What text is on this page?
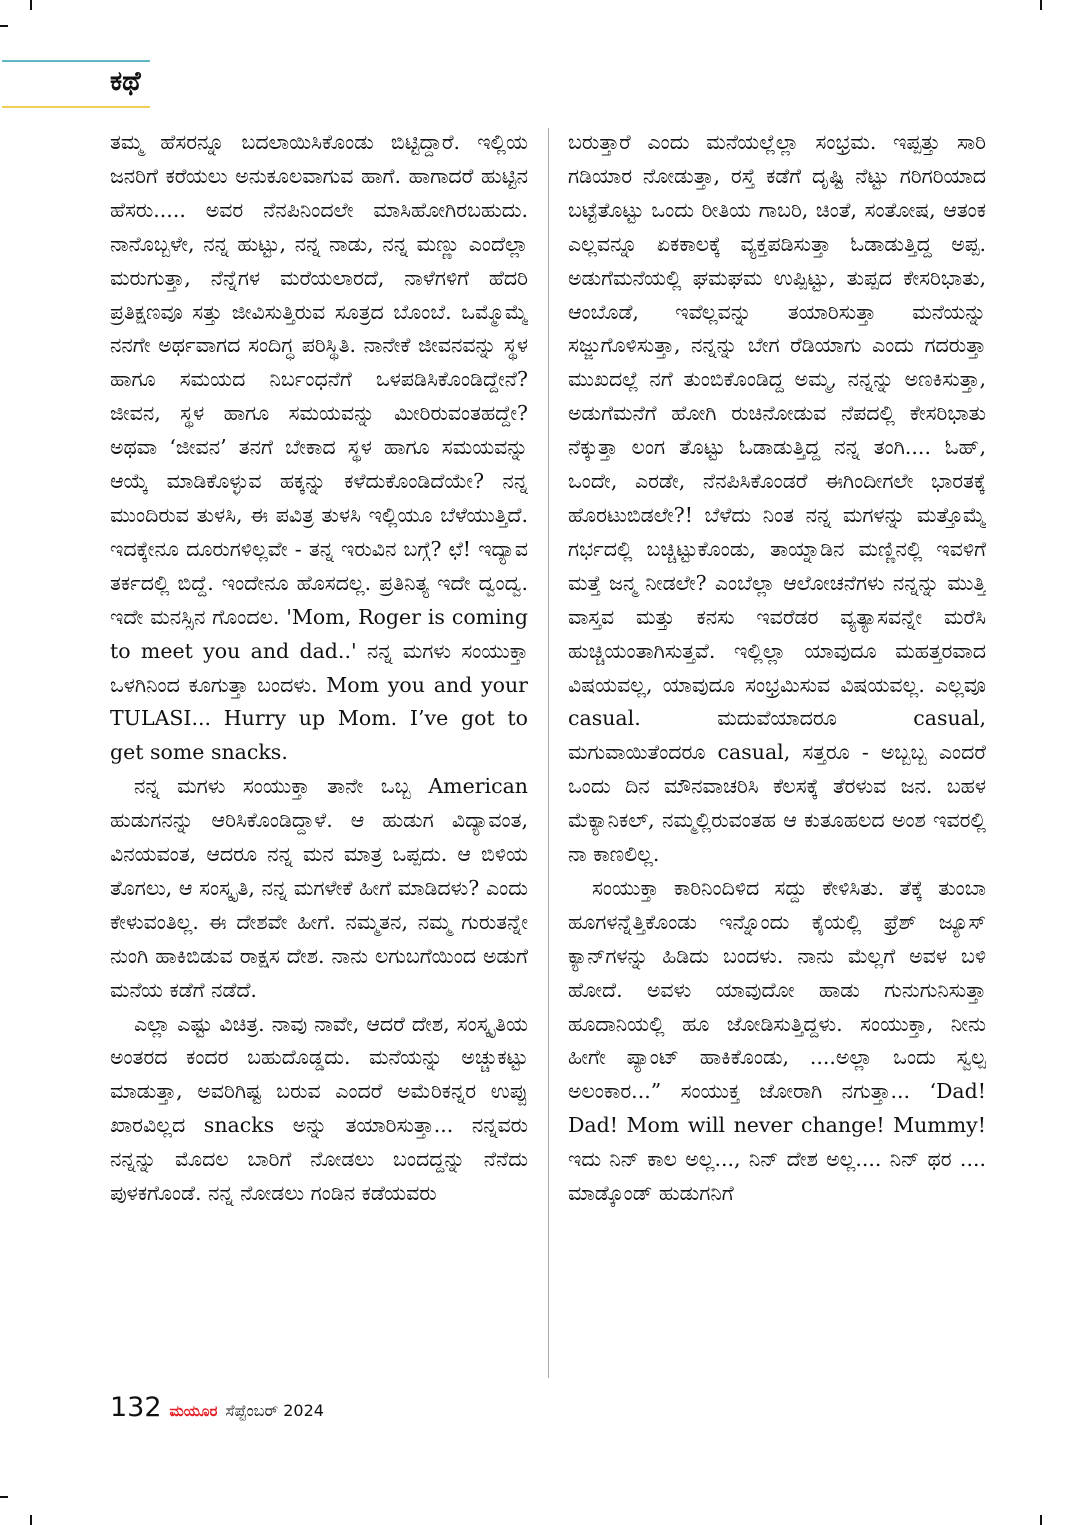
ಕಥೆ

ತಮ್ಮ ಹೆಸರನ್ನೂ ಬದಲಾಯಿಸಿಕೊಂಡು ಬಿಟ್ಟಿದ್ದಾರೆ. ಇಲ್ಲಿಯ ಜನರಿಗೆ ಕರೆಯಲು ಅನುಕೂಲವಾಗುವ ಹಾಗೆ. ಹಾಗಾದರೆ ಹುಟ್ಟಿನ ಹೆಸರು..... ಅವರ ನೆನಪಿನಿಂದಲೇ ಮಾಸಿಹೋಗಿರಬಹುದು. ನಾನೊಬ್ಬಳೇ, ನನ್ನ ಹುಟ್ಟು, ನನ್ನ ನಾಡು, ನನ್ನ ಮಣ್ಣು ಎಂದೆಲ್ಲಾ ಮರುಗುತ್ತಾ, ನೆನ್ನೆಗಳ ಮರೆಯಲಾರದೆ, ನಾಳೆಗಳಿಗೆ ಹೆದರಿ ಪ್ರತಿಕ್ಷಣವೂ ಸತ್ತು ಜೀವಿಸುತ್ತಿರುವ ಸೂತ್ರದ ಬೊಂಬೆ. ಒಮ್ಮೊಮ್ಮೆ ನನಗೇ ಅರ್ಥವಾಗದ ಸಂದಿಗ್ಧ ಪರಿಸ್ಥಿತಿ. ನಾನೇಕೆ ಜೀವನವನ್ನು ಸ್ಥಳ ಹಾಗೂ ಸಮಯದ ನಿರ್ಬಂಧನೆಗೆ ಒಳಪಡಿಸಿಕೊಂಡಿದ್ದೇನೆ? ಜೀವನ, ಸ್ಥಳ ಹಾಗೂ ಸಮಯವನ್ನು ಮೀರಿರುವಂತಹದ್ದೇ? ಅಥವಾ ‘ಜೀವನ’ ತನಗೆ ಬೇಕಾದ ಸ್ಥಳ ಹಾಗೂ ಸಮಯವನ್ನು ಆಯ್ಕೆ ಮಾಡಿಕೊಳ್ಳುವ ಹಕ್ಕನ್ನು ಕಳೆದುಕೊಂಡಿದೆಯೇ? ನನ್ನ ಮುಂದಿರುವ ತುಳಸಿ, ಈ ಪವಿತ್ರ ತುಳಸಿ ಇಲ್ಲಿಯೂ ಬೆಳೆಯುತ್ತಿದೆ. ಇದಕ್ಕೇನೂ ದೂರುಗಳಿಲ್ಲವೇ - ತನ್ನ ಇರುವಿನ ಬಗ್ಗೆ? ಛೆ! ಇದ್ಯಾವ ತರ್ಕದಲ್ಲಿ ಬಿದ್ದೆ. ಇಂದೇನೂ ಹೊಸದಲ್ಲ. ಪ್ರತಿನಿತ್ಯ ಇದೇ ದ್ವಂದ್ವ. ಇದೇ ಮನಸ್ಸಿನ ಗೊಂದಲ. 'Mom, Roger is coming to meet you and dad..' ನನ್ನ ಮಗಳು ಸಂಯುಕ್ತಾ ಒಳಗಿನಿಂದ ಕೂಗುತ್ತಾ ಬಂದಳು. Mom you and your TULASI... Hurry up Mom. I’ve got to get some snacks.

ನನ್ನ ಮಗಳು ಸಂಯುಕ್ತಾ ತಾನೇ ಒಬ್ಬ American ಹುಡುಗನನ್ನು ಆರಿಸಿಕೊಂಡಿದ್ದಾಳೆ. ಆ ಹುಡುಗ ವಿದ್ಯಾವಂತ, ವಿನಯವಂತ, ಆದರೂ ನನ್ನ ಮನ ಮಾತ್ರ ಒಪ್ಪದು. ಆ ಬಿಳಿಯ ತೊಗಲು, ಆ ಸಂಸ್ಕೃತಿ, ನನ್ನ ಮಗಳೇಕೆ ಹೀಗೆ ಮಾಡಿದಳು? ಎಂದು ಕೇಳುವಂತಿಲ್ಲ. ಈ ದೇಶವೇ ಹೀಗೆ. ನಮ್ಮತನ, ನಮ್ಮ ಗುರುತನ್ನೇ ನುಂಗಿ ಹಾಕಿಬಿಡುವ ರಾಕ್ಷಸ ದೇಶ. ನಾನು ಲಗುಬಗೆಯಿಂದ ಅಡುಗೆ ಮನೆಯ ಕಡೆಗೆ ನಡೆದೆ.

ಎಲ್ಲಾ ಎಷ್ಟು ವಿಚಿತ್ರ. ನಾವು ನಾವೇ, ಆದರೆ ದೇಶ, ಸಂಸ್ಕೃತಿಯ ಅಂತರದ ಕಂದರ ಬಹುದೊಡ್ಡದು. ಮನೆಯನ್ನು ಅಚ್ಚುಕಟ್ಟು ಮಾಡುತ್ತಾ, ಅವರಿಗಿಷ್ಟ ಬರುವ ಎಂದರೆ ಅಮೆರಿಕನ್ನರ ಉಪ್ಪು ಖಾರವಿಲ್ಲದ snacks ಅನ್ನು ತಯಾರಿಸುತ್ತಾ... ನನ್ನವರು ನನ್ನನ್ನು ಮೊದಲ ಬಾರಿಗೆ ನೋಡಲು ಬಂದದ್ದನ್ನು ನೆನೆದು ಪುಳಕಗೊಂಡೆ. ನನ್ನ ನೋಡಲು ಗಂಡಿನ ಕಡೆಯವರು

ಬರುತ್ತಾರೆ ಎಂದು ಮನೆಯಲ್ಲೆಲ್ಲಾ ಸಂಭ್ರಮ. ಇಪ್ಪತ್ತು ಸಾರಿ ಗಡಿಯಾರ ನೋಡುತ್ತಾ, ರಸ್ತೆ ಕಡೆಗೆ ದೃಷ್ಟಿ ನೆಟ್ಟು ಗರಿಗರಿಯಾದ ಬಟ್ಟೆತೊಟ್ಟು ಒಂದು ರೀತಿಯ ಗಾಬರಿ, ಚಿಂತೆ, ಸಂತೋಷ, ಆತಂಕ ಎಲ್ಲವನ್ನೂ ಏಕಕಾಲಕ್ಕೆ ವ್ಯಕ್ತಪಡಿಸುತ್ತಾ ಓಡಾಡುತ್ತಿದ್ದ ಅಪ್ಪ. ಅಡುಗೆಮನೆಯಲ್ಲಿ ಘಮಘಮ ಉಪ್ಪಿಟ್ಟು, ತುಪ್ಪದ ಕೇಸರಿಭಾತು, ಆಂಬೊಡೆ, ಇವೆಲ್ಲವನ್ನು ತಯಾರಿಸುತ್ತಾ ಮನೆಯನ್ನು ಸಜ್ಜುಗೊಳಿಸುತ್ತಾ, ನನ್ನನ್ನು ಬೇಗ ರೆಡಿಯಾಗು ಎಂದು ಗದರುತ್ತಾ ಮುಖದಲ್ಲೆ ನಗೆ ತುಂಬಿಕೊಂಡಿದ್ದ ಅಮ್ಮ, ನನ್ನನ್ನು ಅಣಕಿಸುತ್ತಾ, ಅಡುಗೆಮನೆಗೆ ಹೋಗಿ ರುಚಿನೋಡುವ ನೆಪದಲ್ಲಿ ಕೇಸರಿಭಾತು ನೆಕ್ಕುತ್ತಾ ಲಂಗ ತೊಟ್ಟು ಓಡಾಡುತ್ತಿದ್ದ ನನ್ನ ತಂಗಿ.... ಓಹ್, ಒಂದೇ, ಎರಡೇ, ನೆನಪಿಸಿಕೊಂಡರೆ ಈಗಿಂದೀಗಲೇ ಭಾರತಕ್ಕೆ ಹೊರಟುಬಿಡಲೇ?! ಬೆಳೆದು ನಿಂತ ನನ್ನ ಮಗಳನ್ನು ಮತ್ತೊಮ್ಮೆ ಗರ್ಭದಲ್ಲಿ ಬಚ್ಚಿಟ್ಟುಕೊಂಡು, ತಾಯ್ನಾಡಿನ ಮಣ್ಣಿನಲ್ಲಿ ಇವಳಿಗೆ ಮತ್ತೆ ಜನ್ಮ ನೀಡಲೇ? ಎಂಬೆಲ್ಲಾ ಆಲೋಚನೆಗಳು ನನ್ನನ್ನು ಮುತ್ತಿ ವಾಸ್ತವ ಮತ್ತು ಕನಸು ಇವರೆಡರ ವ್ಯತ್ಯಾಸವನ್ನೇ ಮರೆಸಿ ಹುಚ್ಚಿಯಂತಾಗಿಸುತ್ತವೆ. ಇಲ್ಲಿಲ್ಲಾ ಯಾವುದೂ ಮಹತ್ತರವಾದ ವಿಷಯವಲ್ಲ, ಯಾವುದೂ ಸಂಭ್ರಮಿಸುವ ವಿಷಯವಲ್ಲ. ಎಲ್ಲವೂ casual. ಮದುವೆಯಾದರೂ casual, ಮಗುವಾಯಿತೆಂದರೂ casual, ಸತ್ತರೂ - ಅಬ್ಬಬ್ಬ ಎಂದರೆ ಒಂದು ದಿನ ಮೌನವಾಚರಿಸಿ ಕೆಲಸಕ್ಕೆ ತೆರಳುವ ಜನ. ಬಹಳ ಮೆಕ್ಯಾನಿಕಲ್, ನಮ್ಮಲ್ಲಿರುವಂತಹ ಆ ಕುತೂಹಲದ ಅಂಶ ಇವರಲ್ಲಿ ನಾ ಕಾಣಲಿಲ್ಲ.

ಸಂಯುಕ್ತಾ ಕಾರಿನಿಂದಿಳಿದ ಸದ್ದು ಕೇಳಿಸಿತು. ತೆಕ್ಕೆ ತುಂಬಾ ಹೂಗಳನ್ನೆತ್ತಿಕೊಂಡು ಇನ್ನೊಂದು ಕೈಯಲ್ಲಿ ಫ್ರೆಶ್ ಜ್ಯೂಸ್ ಕ್ಯಾನ್‌ಗಳನ್ನು ಹಿಡಿದು ಬಂದಳು. ನಾನು ಮೆಲ್ಲಗೆ ಅವಳ ಬಳಿ ಹೋದೆ. ಅವಳು ಯಾವುದೋ ಹಾಡು ಗುನುಗುನಿಸುತ್ತಾ ಹೂದಾನಿಯಲ್ಲಿ ಹೂ ಜೋಡಿಸುತ್ತಿದ್ದಳು. ಸಂಯುಕ್ತಾ, ನೀನು ಹೀಗೇ ಪ್ಯಾಂಟ್ ಹಾಕಿಕೊಂಡು, ....ಅಲ್ಲಾ ಒಂದು ಸ್ವಲ್ಪ ಅಲಂಕಾರ...” ಸಂಯುಕ್ತ ಜೋರಾಗಿ ನಗುತ್ತಾ... ‘Dad! Dad! Mom will never change! Mummy!ಇದು ನಿನ್ ಕಾಲ ಅಲ್ಲ..., ನಿನ್ ದೇಶ ಅಲ್ಲ.... ನಿನ್ ಥರ .... ಮಾಡ್ಕೊಂಡ್ ಹುಡುಗನಿಗೆ

132 ಮಯೂರ ಸೆಪ್ಟೆಂಬರ್ 2024
